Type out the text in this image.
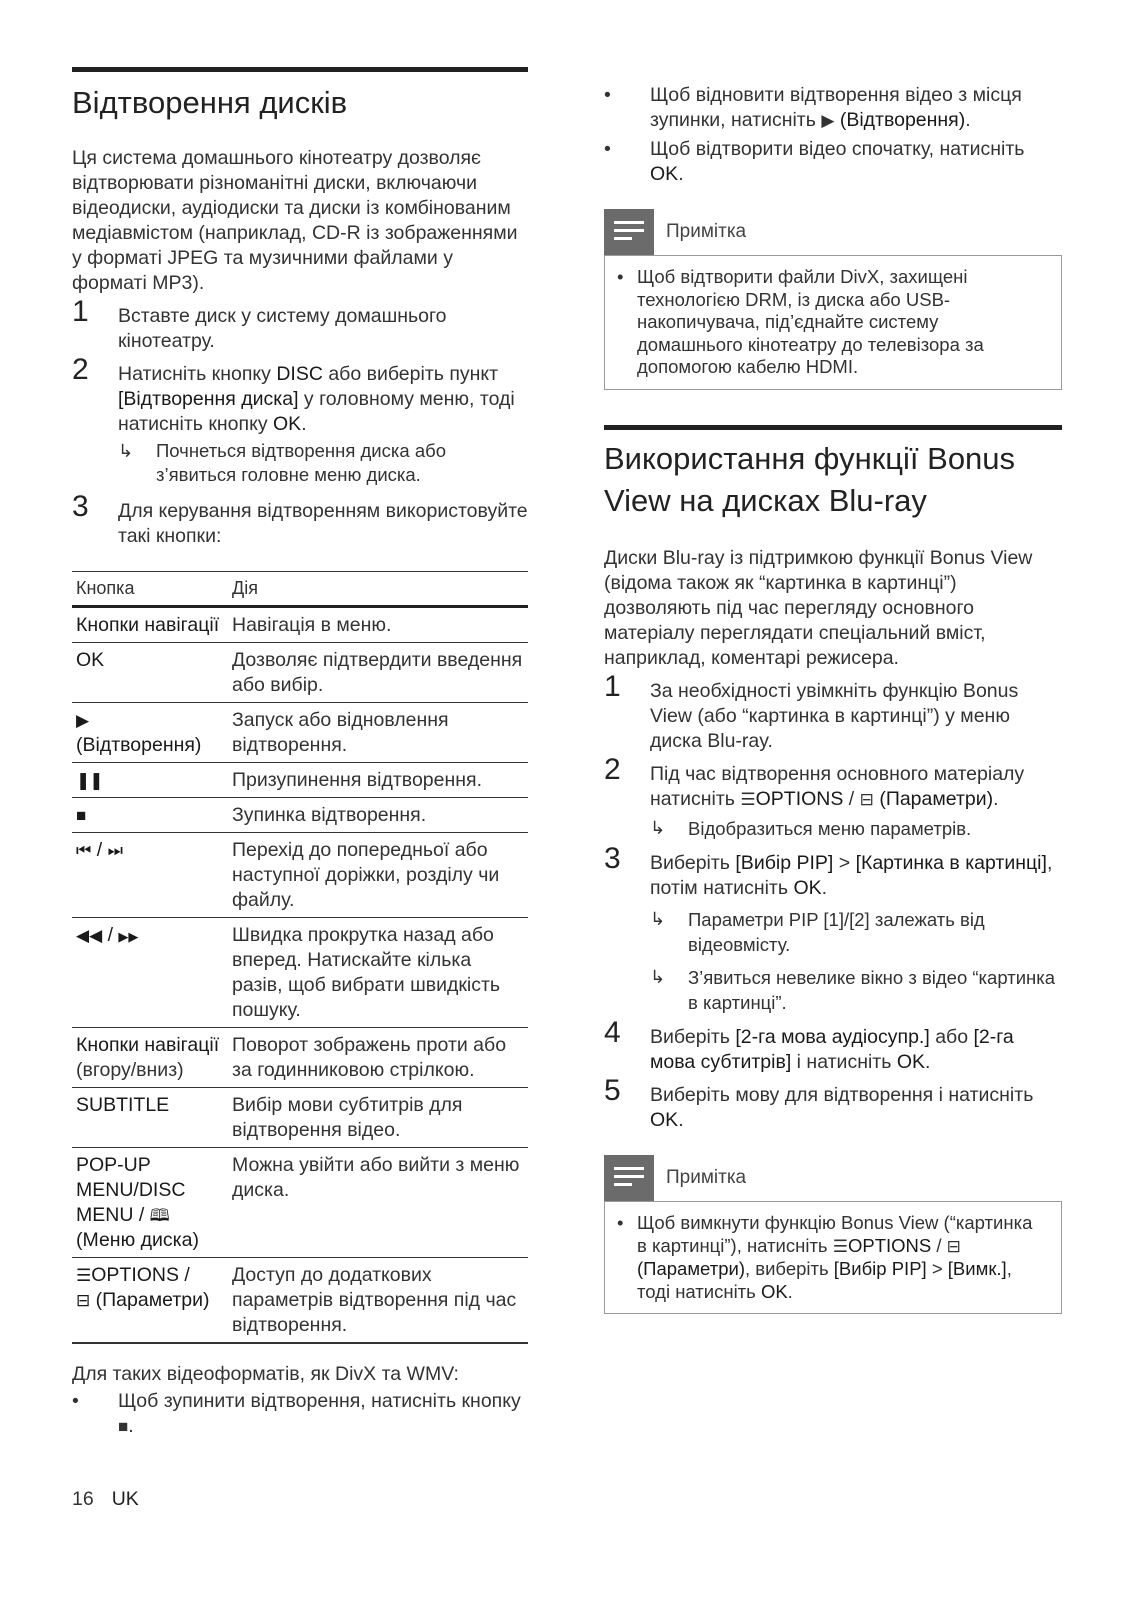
Відтворення дисків

Ця система домашнього кінотеатру дозволяє відтворювати різноманітні диски, включаючи відеодиски, аудіодиски та диски із комбінованим медіавмістом (наприклад, CD-R із зображеннями у форматі JPEG та музичними файлами у форматі MP3).

1 Вставте диск у систему домашнього кінотеатру.
2 Натисніть кнопку DISC або виберіть пункт [Відтворення диска] у головному меню, тоді натисніть кнопку OK.
↳ Почнеться відтворення диска або з’явиться головне меню диска.
3 Для керування відтворенням використовуйте такі кнопки:
Кнопка	Дія
Кнопки навігації	Навігація в меню.
OK	Дозволяє підтвердити введення або вибір.
▶
(Відтворення)	Запуск або відновлення відтворення.
❚❚	Призупинення відтворення.
■	Зупинка відтворення.
⏮ / ⏭	Перехід до попередньої або наступної доріжки, розділу чи файлу.
◀◀ / ▶▶	Швидка прокрутка назад або вперед. Натискайте кілька разів, щоб вибрати швидкість пошуку.
Кнопки навігації
(вгору/вниз)	Поворот зображень проти або за годинниковою стрілкою.
SUBTITLE	Вибір мови субтитрів для відтворення відео.
POP-UP MENU/DISC MENU / 🕮
(Меню диска)	Можна увійти або вийти з меню диска.
☰OPTIONS /
⊟ (Параметри)	Доступ до додаткових параметрів відтворення під час відтворення.

Для таких відеоформатів, як DivX та WMV:

• Щоб зупинити відтворення, натисніть кнопку ■.
• Щоб відновити відтворення відео з місця зупинки, натисніть ▶ (Відтворення).
• Щоб відтворити відео спочатку, натисніть OK.
Примітка
• Щоб відтворити файли DivX, захищені технологією DRM, із диска або USB-накопичувача, під’єднайте систему домашнього кінотеатру до телевізора за допомогою кабелю HDMI.
Використання функції Bonus View на дисках Blu-ray

Диски Blu-ray із підтримкою функції Bonus View (відома також як “картинка в картинці”) дозволяють під час перегляду основного матеріалу переглядати спеціальний вміст, наприклад, коментарі режисера.

1 За необхідності увімкніть функцію Bonus View (або “картинка в картинці”) у меню диска Blu-ray.
2 Під час відтворення основного матеріалу натисніть ☰OPTIONS / ⊟ (Параметри).
↳ Відобразиться меню параметрів.
3 Виберіть [Вибір PIP] > [Картинка в картинці], потім натисніть OK.
↳ Параметри PIP [1]/[2] залежать від відеовмісту.
↳ З’явиться невелике вікно з відео “картинка в картинці”.
4 Виберіть [2-га мова аудіосупр.] або [2-га мова субтитрів] і натисніть OK.
5 Виберіть мову для відтворення і натисніть OK.
Примітка
• Щоб вимкнути функцію Bonus View (“картинка в картинці”), натисніть ☰OPTIONS / ⊟ (Параметри), виберіть [Вибір PIP] > [Вимк.], тоді натисніть OK.
16 UK
